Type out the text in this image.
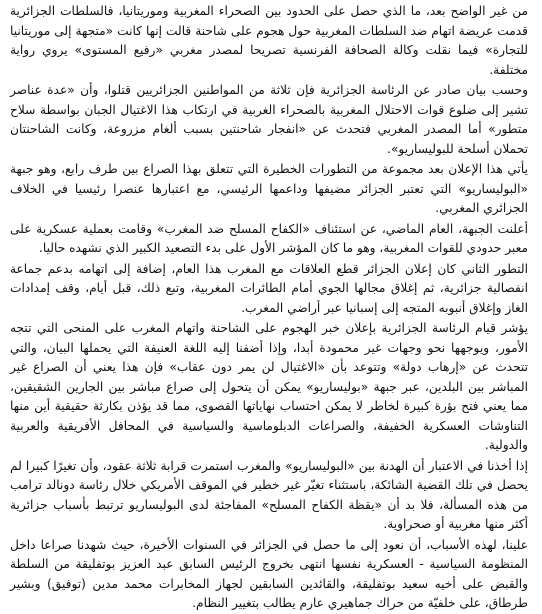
من غير الواضح بعد، ما الذي حصل على الحدود بين الصحراء المغربية وموريتانيا، فالسلطات الجزائرية قدمت عريضة اتهام ضد السلطات المغربية حول هجوم على شاحنة قالت إنها كانت «متجهة إلى موريتانيا للتجارة» فيما نقلت وكالة الصحافة الفرنسية تصريحا لمصدر مغربي «رفيع المستوى» يروي رواية مختلفة.

وحسب بيان صادر عن الرئاسة الجزائرية فإن ثلاثة من المواطنين الجزائريين قتلوا، وأن «عدة عناصر تشير إلى ضلوع قوات الاحتلال المغربية بالصحراء الغربية في ارتكاب هذا الاغتيال الجبان بواسطة سلاح متطور» أما المصدر المغربي فتحدث عن «انفجار شاحنتين بسبب ألغام مزروعة، وكانت الشاحنتان تحملان أسلحة للبوليساريو».

يأتي هذا الإعلان بعد مجموعة من التطورات الخطيرة التي تتعلق بهذا الصراع بين طرف رابع، وهو جبهة «البوليساريو» التي تعتبر الجزائر مضيفها وداعمها الرئيسي، مع اعتبارها عنصرا رئيسيا في الخلاف الجزائري المغربي.

أعلنت الجبهة، العام الماضي، عن استئناف «الكفاح المسلح ضد المغرب» وقامت بعملية عسكرية على معبر حدودي للقوات المغربية، وهو ما كان المؤشر الأول على بدء التصعيد الكبير الذي نشهده حاليا.

التطور الثاني كان إعلان الجزائر قطع العلاقات مع المغرب هذا العام، إضافة إلى اتهامه بدعم جماعة انفصالية جزائرية، ثم إغلاق مجالها الجوي أمام الطائرات المغربية، وتبع ذلك، قبل أيام، وقف إمدادات الغاز وإغلاق أنبوبه المتجه إلى إسبانيا عبر أراضي المغرب.

يؤشر قيام الرئاسة الجزائرية بإعلان خبر الهجوم على الشاحنة واتهام المغرب على المنحى التي تتجه الأمور، ويوجهها نحو وجهات غير محمودة أبدا، وإذا أضفنا إليه اللغة العنيفة التي يحملها البيان، والتي تتحدث عن «إرهاب دولة» وتتوعد بأن «الاغتيال لن يمر دون عقاب» فإن هذا يعني أن الصراع غير المباشر بين البلدين، عبر جبهة «بوليساريو» يمكن أن يتحول إلى صراع مباشر بين الجارين الشقيقين، مما يعني فتح بؤرة كبيرة لخاطر لا يمكن احتساب نهاياتها القصوى، مما قد يؤذن بكارثة حقيقية أين منها التناوشات العسكرية الخفيفة، والصراعات الدبلوماسية والسياسية في المحافل الأفريقية والعربية والدولية.

إذا أخذنا في الاعتبار أن الهدنة بين «البوليساريو» والمغرب استمرت قرابة ثلاثة عقود، وأن تغيرًا كبيرا لم يحصل في تلك القضية الشائكة، باستثناء تغيّر غير خطير في الموقف الأمريكي خلال رئاسة دونالد ترامب من هذه المسألة، فلا بد أن «يقظة الكفاح المسلح» المفاجئة لدى البوليساريو ترتبط بأسباب جزائرية أكثر منها مغربية أو صحراوية.

علينا، لهذه الأسباب، أن نعود إلى ما حصل في الجزائر في السنوات الأخيرة، حيث شهدنا صراعا داخل المنظومة السياسية - العسكرية نفسها انتهى بخروج الرئيس السابق عبد العزيز بوتفليقة من السلطة والقبض على أخيه سعيد بوتفليقة، والقائدين السابقين لجهاز المخابرات محمد مدين (توفيق) وبشير طرطاق، على خلفيّة من حراك جماهيري عارم يطالب بتغيير النظام.
